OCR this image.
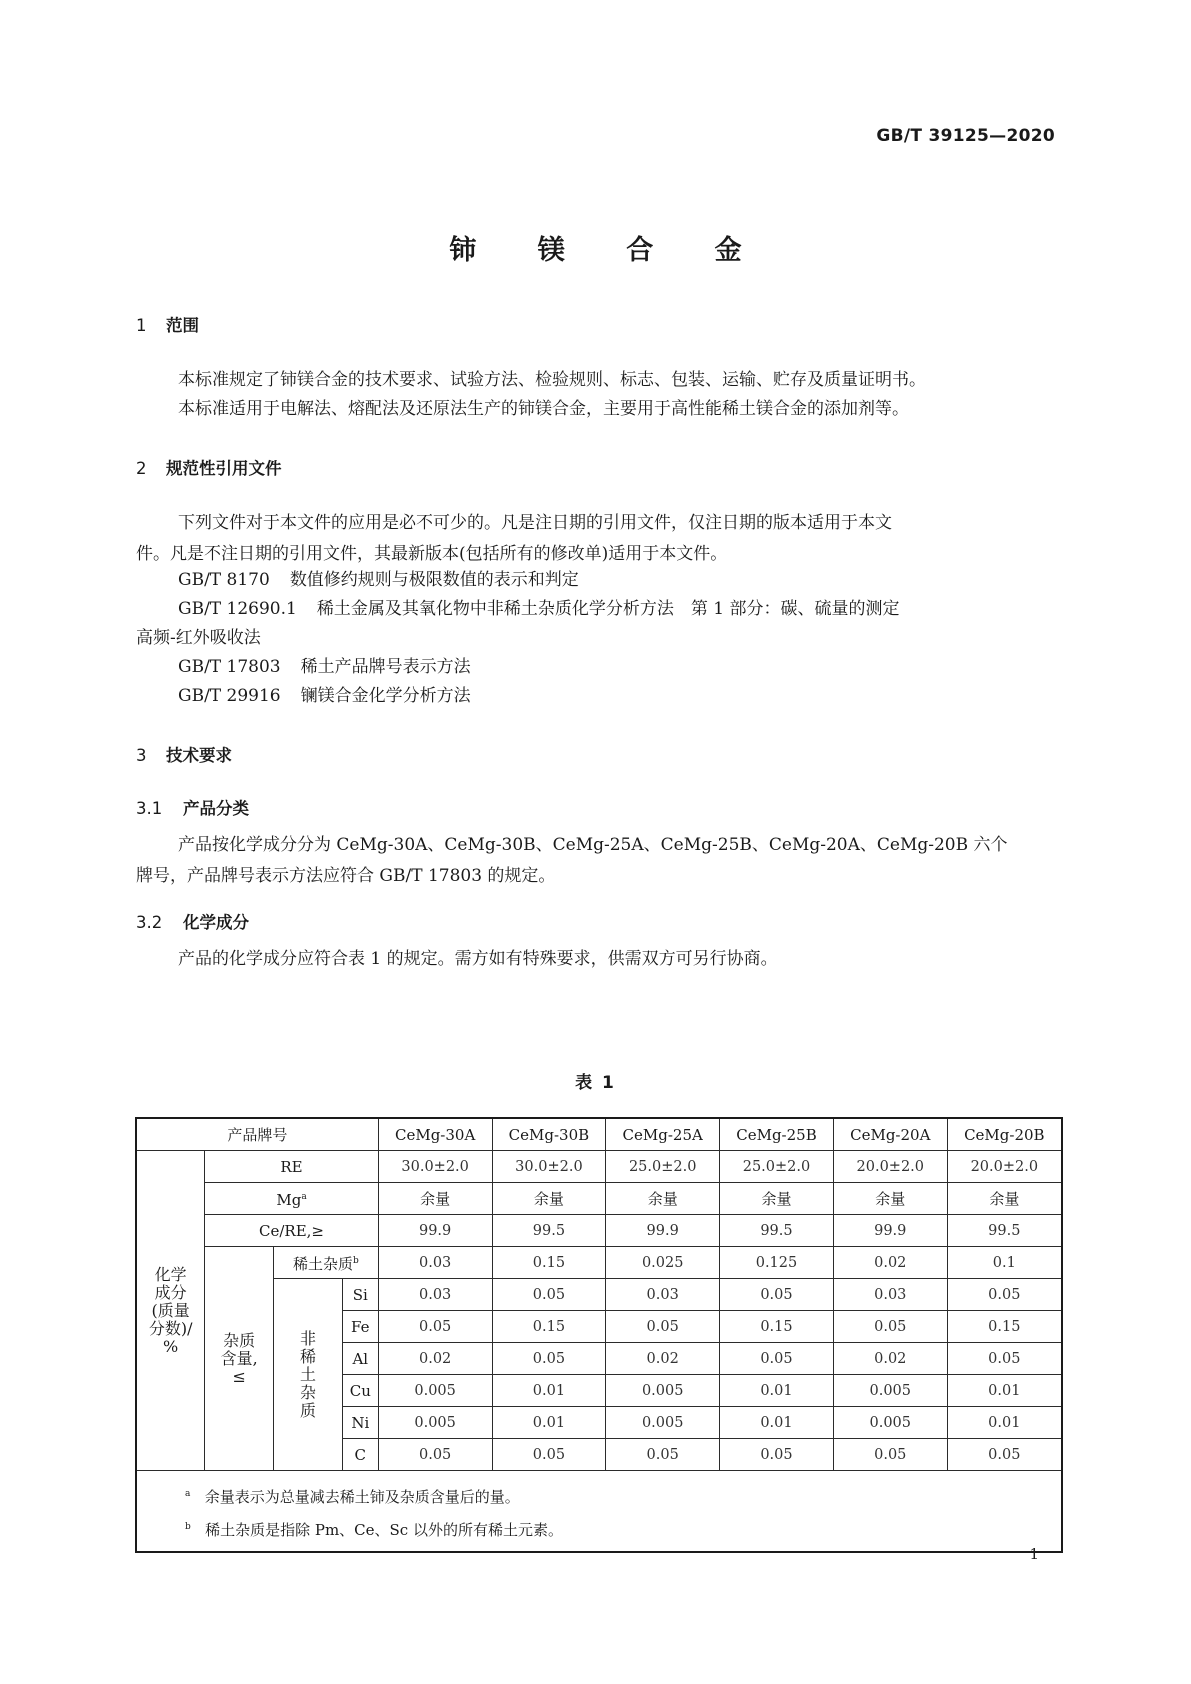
GB/T 39125—2020
铈 镁 合 金
1 范围
本标准规定了铈镁合金的技术要求、试验方法、检验规则、标志、包装、运输、贮存及质量证明书。
本标准适用于电解法、熔配法及还原法生产的铈镁合金，主要用于高性能稀土镁合金的添加剂等。
2 规范性引用文件
下列文件对于本文件的应用是必不可少的。凡是注日期的引用文件，仅注日期的版本适用于本文
件。凡是不注日期的引用文件，其最新版本(包括所有的修改单)适用于本文件。
GB/T 8170 数值修约规则与极限数值的表示和判定
GB/T 12690.1 稀土金属及其氧化物中非稀土杂质化学分析方法　第 1 部分：碳、硫量的测定
高频-红外吸收法
GB/T 17803 稀土产品牌号表示方法
GB/T 29916 镧镁合金化学分析方法
3 技术要求
3.1 产品分类
产品按化学成分分为 CeMg-30A、CeMg-30B、CeMg-25A、CeMg-25B、CeMg-20A、CeMg-20B 六个
牌号，产品牌号表示方法应符合 GB/T 17803 的规定。
3.2 化学成分
产品的化学成分应符合表 1 的规定。需方如有特殊要求，供需双方可另行协商。
表 1
产品牌号				CeMg-30A	CeMg-30B	CeMg-25A	CeMg-25B	CeMg-20A	CeMg-20B

化学
成分
(质量
分数)/
%	RE			30.0±2.0	30.0±2.0	25.0±2.0	25.0±2.0	20.0±2.0	20.0±2.0
	Mg$^a$			余量	余量	余量	余量	余量	余量
	Ce/RE,≥			99.9	99.5	99.9	99.5	99.9	99.5

	杂质
含量,
≤	稀土杂质$^b$		0.03	0.15	0.025	0.125	0.02	0.1

		非
稀
土
杂
质	Si	0.03	0.05	0.03	0.05	0.03	0.05
			Fe	0.05	0.15	0.05	0.15	0.05	0.15
			Al	0.02	0.05	0.02	0.05	0.02	0.05
			Cu	0.005	0.01	0.005	0.01	0.005	0.01
			Ni	0.005	0.01	0.005	0.01	0.005	0.01
			C	0.05	0.05	0.05	0.05	0.05	0.05

$^a$ 余量表示为总量减去稀土铈及杂质含量后的量。
$^b$ 稀土杂质是指除 Pm、Ce、Sc 以外的所有稀土元素。									
1
